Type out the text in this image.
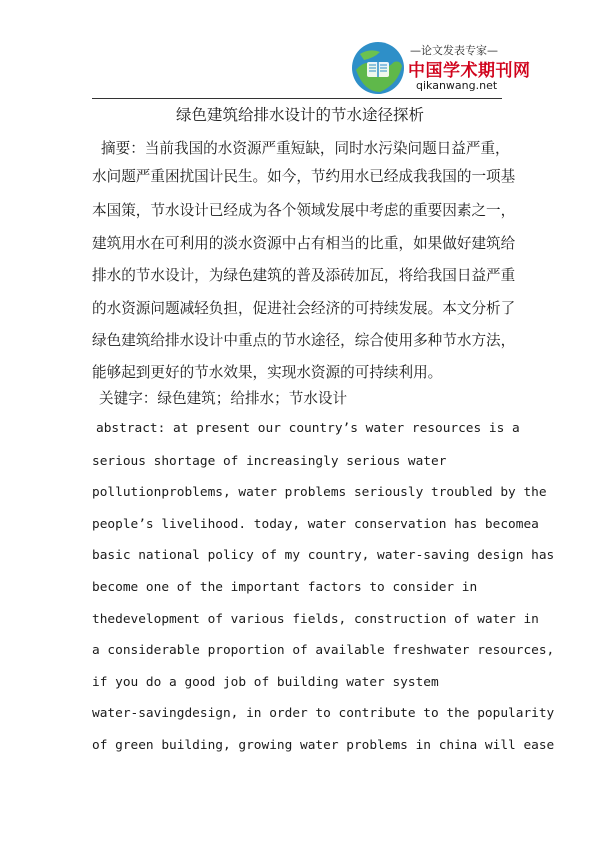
—论文发表专家—
中国学术期刊网
qikanwang.net
绿色建筑给排水设计的节水途径探析
摘要：当前我国的水资源严重短缺，同时水污染问题日益严重，
水问题严重困扰国计民生。如今，节约用水已经成我我国的一项基
本国策，节水设计已经成为各个领域发展中考虑的重要因素之一，
建筑用水在可利用的淡水资源中占有相当的比重，如果做好建筑给
排水的节水设计，为绿色建筑的普及添砖加瓦，将给我国日益严重
的水资源问题减轻负担，促进社会经济的可持续发展。本文分析了
绿色建筑给排水设计中重点的节水途径，综合使用多种节水方法，
能够起到更好的节水效果，实现水资源的可持续利用。
关键字：绿色建筑；给排水；节水设计
abstract: at present our country’s water resources is a
serious shortage of increasingly serious water
pollutionproblems, water problems seriously troubled by the
people’s livelihood. today, water conservation has becomea
basic national policy of my country, water-saving design has
become one of the important factors to consider in
thedevelopment of various fields, construction of water in
a considerable proportion of available freshwater resources,
if you do a good job of building water system
water-savingdesign, in order to contribute to the popularity
of green building, growing water problems in china will ease
